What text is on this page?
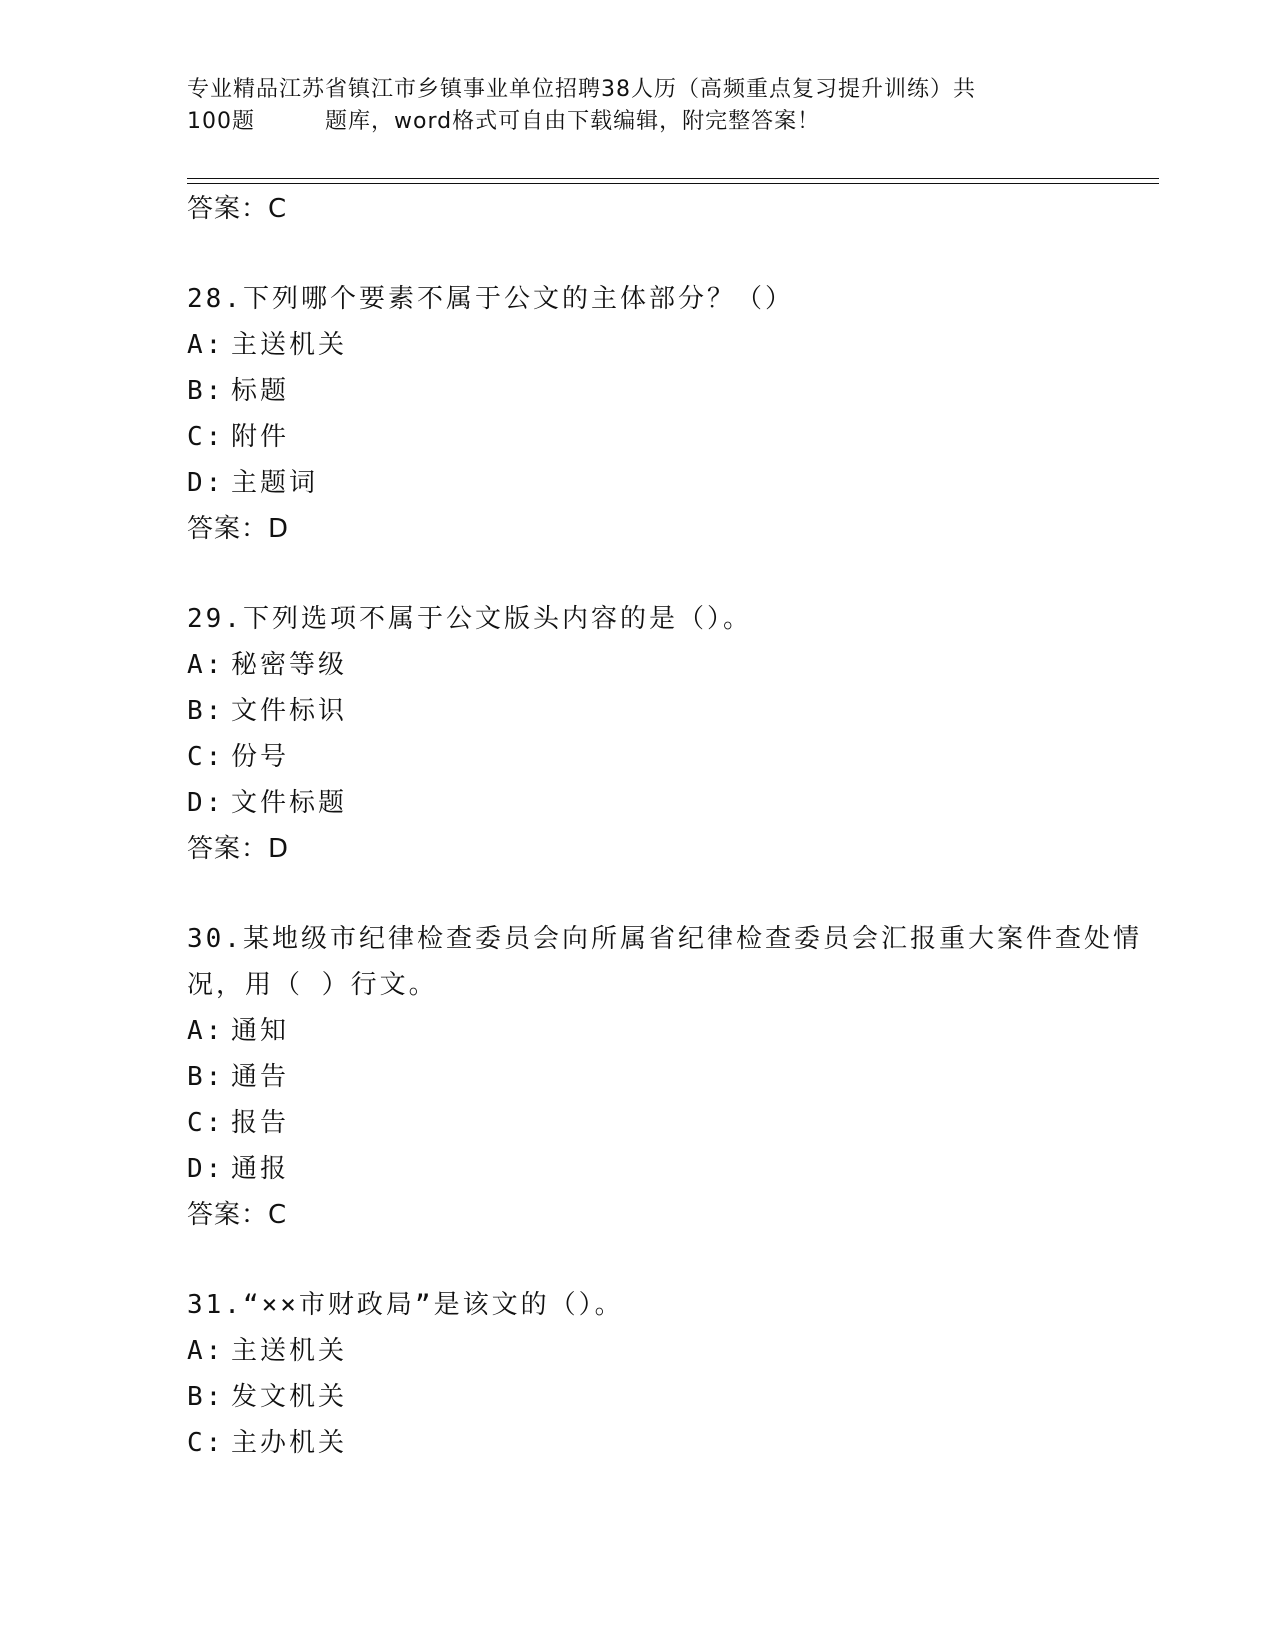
专业精品江苏省镇江市乡镇事业单位招聘38人历（高频重点复习提升训练）共
100题	题库，word格式可自由下载编辑，附完整答案！
答案：C
28.下列哪个要素不属于公文的主体部分？（）
A: 主送机关
B: 标题
C: 附件
D: 主题词
答案：D
29.下列选项不属于公文版头内容的是（）。
A: 秘密等级
B: 文件标识
C: 份号
D: 文件标题
答案：D
30.某地级市纪律检查委员会向所属省纪律检查委员会汇报重大案件查处情况，用（ ）行文。
A: 通知
B: 通告
C: 报告
D: 通报
答案：C
31.“××市财政局”是该文的（）。
A: 主送机关
B: 发文机关
C: 主办机关
